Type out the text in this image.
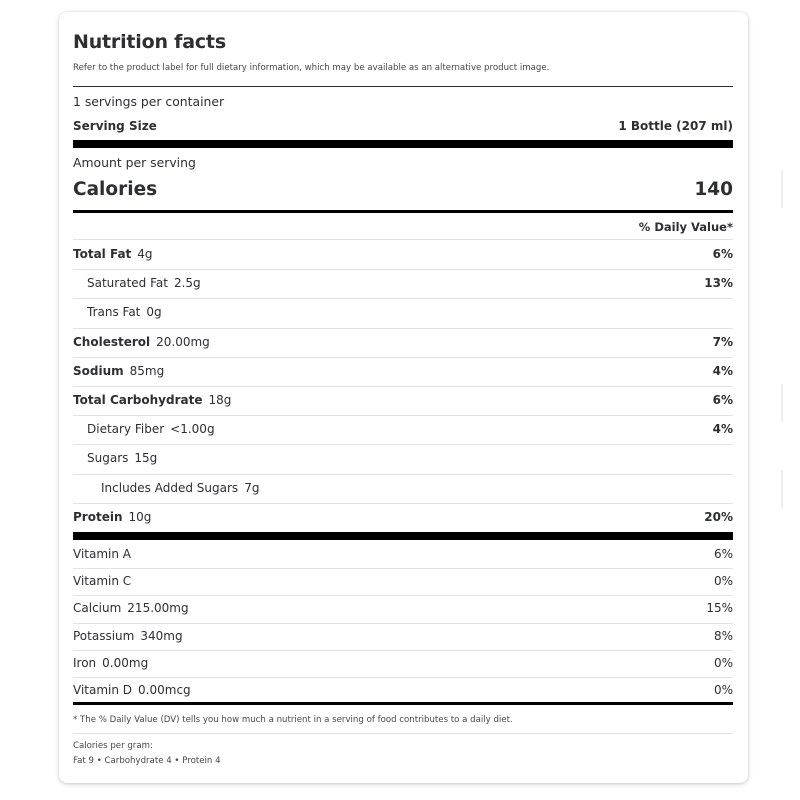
Nutrition facts
Refer to the product label for full dietary information, which may be available as an alternative product image.
1 servings per container
Serving Size	1 Bottle (207 ml)
Amount per serving
Calories	140
% Daily Value*
Total Fat 4g	6%
Saturated Fat 2.5g	13%
Trans Fat 0g
Cholesterol 20.00mg	7%
Sodium 85mg	4%
Total Carbohydrate 18g	6%
Dietary Fiber <1.00g	4%
Sugars 15g
Includes Added Sugars 7g
Protein 10g	20%
Vitamin A	6%
Vitamin C	0%
Calcium 215.00mg	15%
Potassium 340mg	8%
Iron 0.00mg	0%
Vitamin D 0.00mcg	0%
* The % Daily Value (DV) tells you how much a nutrient in a serving of food contributes to a daily diet.
Calories per gram:
Fat 9 • Carbohydrate 4 • Protein 4
